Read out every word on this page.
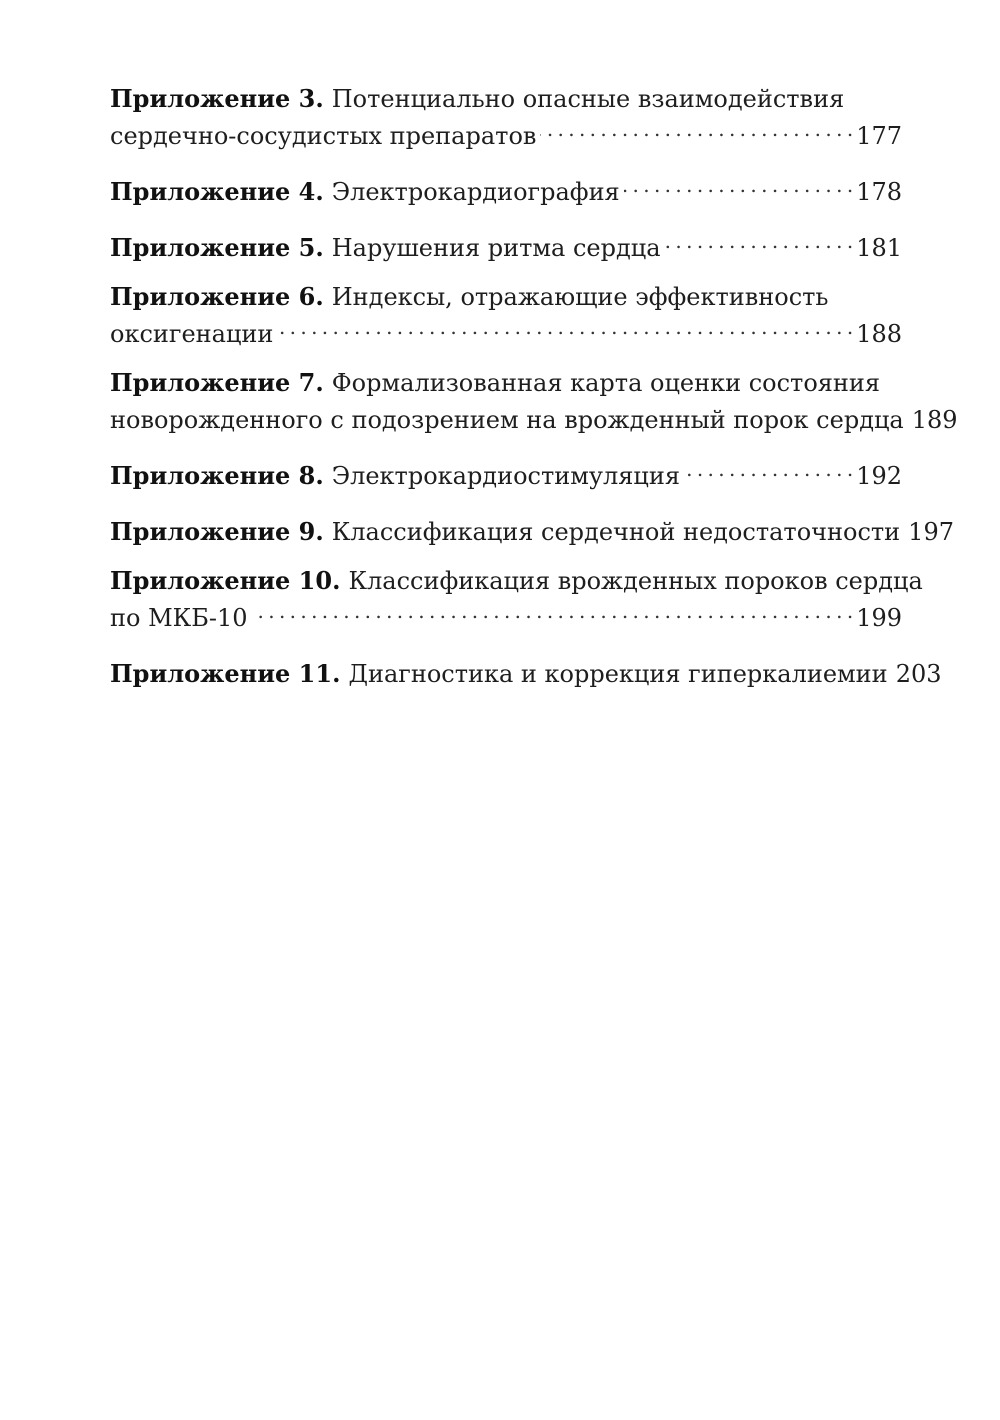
Приложение 3. Потенциально опасные взаимодействия
сердечно-сосудистых препаратов . . .	177
Приложение 4. Электрокардиография . . .	178
Приложение 5. Нарушения ритма сердца . . .	181
Приложение 6. Индексы, отражающие эффективность
оксигенации . . .	188
Приложение 7. Формализованная карта оценки состояния
новорожденного с подозрением на врожденный порок сердца 189
Приложение 8. Электрокардиостимуляция . . .	192
Приложение 9. Классификация сердечной недостаточности 197
Приложение 10. Классификация врожденных пороков сердца
по МКБ-10 . . .	199
Приложение 11. Диагностика и коррекция гиперкалиемии 203
